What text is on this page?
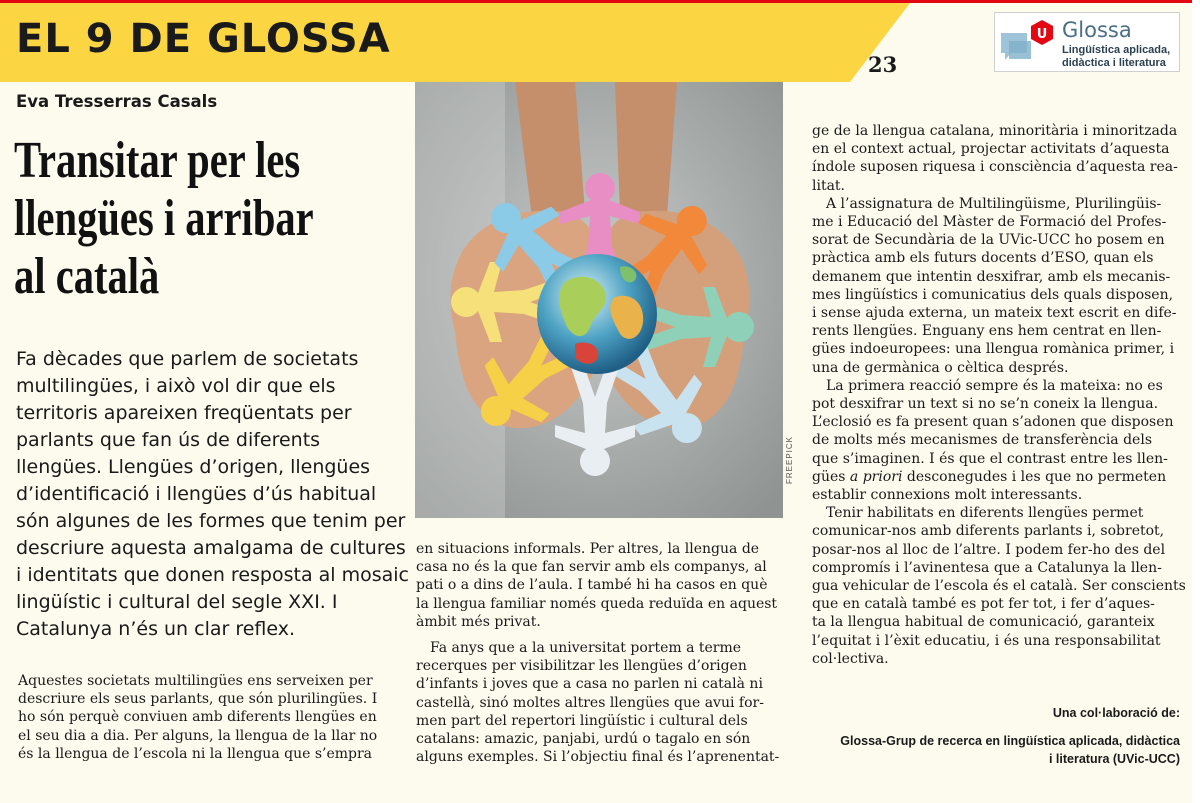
EL 9 DE GLOSSA
23
U Glossa
Lingüística aplicada,
didàctica i literatura
Eva Tresserras Casals
Transitar per les
llengües i arribar
al català
Fa dècades que parlem de societats
multilingües, i això vol dir que els
territoris apareixen freqüentats per
parlants que fan ús de diferents
llengües. Llengües d’origen, llengües
d’identificació i llengües d’ús habitual
són algunes de les formes que tenim per
descriure aquesta amalgama de cultures
i identitats que donen resposta al mosaic
lingüístic i cultural del segle XXI. I
Catalunya n’és un clar reflex.
Aquestes societats multilingües ens serveixen per
descriure els seus parlants, que són plurilingües. I
ho són perquè conviuen amb diferents llengües en
el seu dia a dia. Per alguns, la llengua de la llar no
és la llengua de l’escola ni la llengua que s’empra
FREEPICK
en situacions informals. Per altres, la llengua de
casa no és la que fan servir amb els companys, al
pati o a dins de l’aula. I també hi ha casos en què
la llengua familiar només queda reduïda en aquest
àmbit més privat.
Fa anys que a la universitat portem a terme
recerques per visibilitzar les llengües d’origen
d’infants i joves que a casa no parlen ni català ni
castellà, sinó moltes altres llengües que avui for-
men part del repertori lingüístic i cultural dels
catalans: amazic, panjabi, urdú o tagalo en són
alguns exemples. Si l’objectiu final és l’aprenentat-
ge de la llengua catalana, minoritària i minoritzada
en el context actual, projectar activitats d’aquesta
índole suposen riquesa i consciència d’aquesta rea-
litat.
A l’assignatura de Multilingüisme, Plurilingüis-
me i Educació del Màster de Formació del Profes-
sorat de Secundària de la UVic-UCC ho posem en
pràctica amb els futurs docents d’ESO, quan els
demanem que intentin desxifrar, amb els mecanis-
mes lingüístics i comunicatius dels quals disposen,
i sense ajuda externa, un mateix text escrit en dife-
rents llengües. Enguany ens hem centrat en llen-
gües indoeuropees: una llengua romànica primer, i
una de germànica o cèltica després.
La primera reacció sempre és la mateixa: no es
pot desxifrar un text si no se’n coneix la llengua.
L’eclosió es fa present quan s’adonen que disposen
de molts més mecanismes de transferència dels
que s’imaginen. I és que el contrast entre les llen-
gües a priori desconegudes i les que no permeten
establir connexions molt interessants.
Tenir habilitats en diferents llengües permet
comunicar-nos amb diferents parlants i, sobretot,
posar-nos al lloc de l’altre. I podem fer-ho des del
compromís i l’avinentesa que a Catalunya la llen-
gua vehicular de l’escola és el català. Ser conscients
que en català també es pot fer tot, i fer d’aques-
ta la llengua habitual de comunicació, garanteix
l’equitat i l’èxit educatiu, i és una responsabilitat
col·lectiva.
Una col·laboració de:
Glossa-Grup de recerca en lingüística aplicada, didàctica
i literatura (UVic-UCC)
